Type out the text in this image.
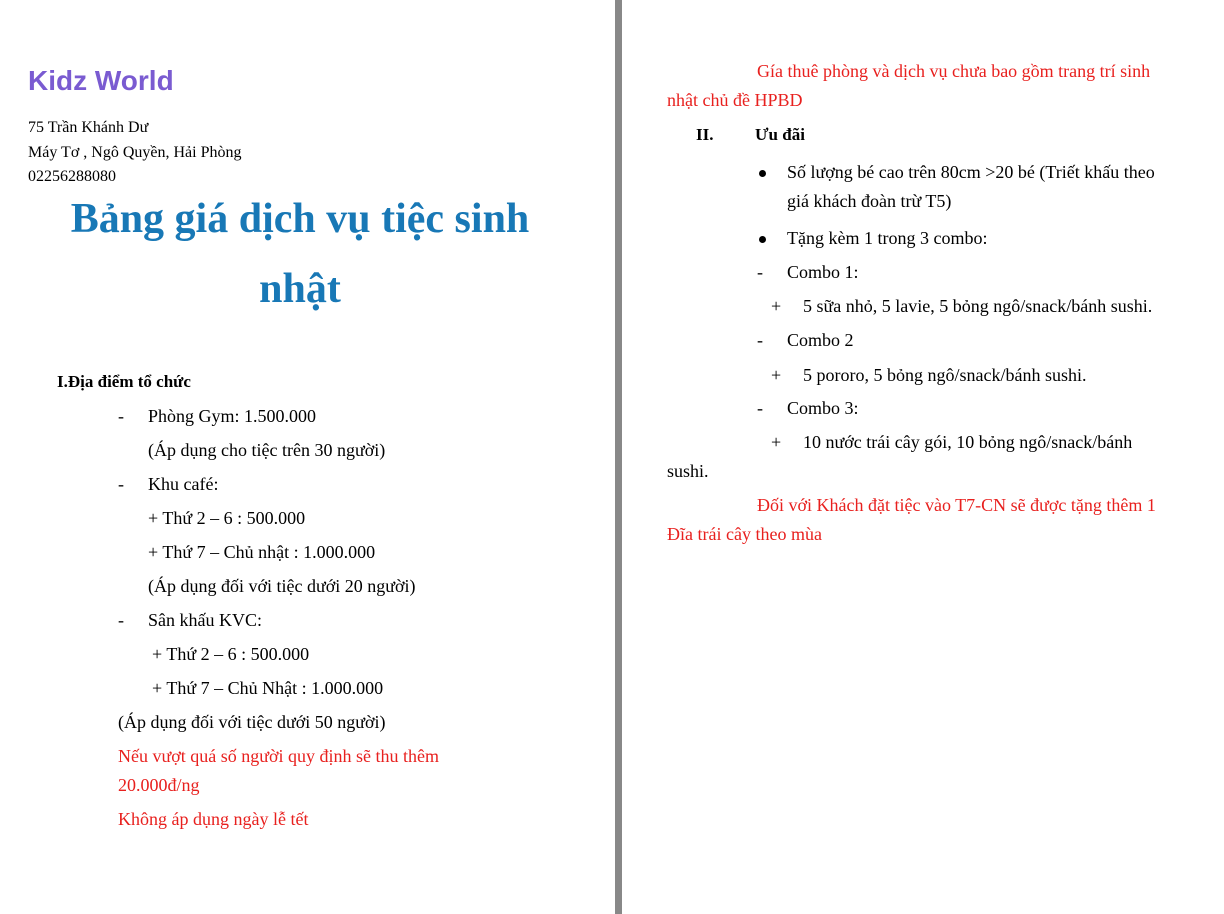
Kidz World
75 Trần Khánh Dư
Máy Tơ , Ngô Quyền, Hải Phòng
02256288080
Bảng giá dịch vụ tiệc sinh
nhật
I.Địa điểm tổ chức
- Phòng Gym: 1.500.000
(Áp dụng cho tiệc trên 30 người)
- Khu café:
+ Thứ 2 – 6 : 500.000
+ Thứ 7 – Chủ nhật : 1.000.000
(Áp dụng đối với tiệc dưới 20 người)
- Sân khấu KVC:
+ Thứ 2 – 6 : 500.000
+ Thứ 7 – Chủ Nhật : 1.000.000
(Áp dụng đối với tiệc dưới 50 người)
Nếu vượt quá số người quy định sẽ thu thêm
20.000đ/ng
Không áp dụng ngày lễ tết
Gía thuê phòng và dịch vụ chưa bao gồm trang trí sinh
nhật chủ đề HPBD
II. Ưu đãi
Số lượng bé cao trên 80cm >20 bé (Triết khấu theo
giá khách đoàn trừ T5)
Tặng kèm 1 trong 3 combo:
- Combo 1:
+ 5 sữa nhỏ, 5 lavie, 5 bỏng ngô/snack/bánh sushi.
- Combo 2
+ 5 pororo, 5 bỏng ngô/snack/bánh sushi.
- Combo 3:
+ 10 nước trái cây gói, 10 bỏng ngô/snack/bánh
sushi.
Đối với Khách đặt tiệc vào T7-CN sẽ được tặng thêm 1
Đĩa trái cây theo mùa
